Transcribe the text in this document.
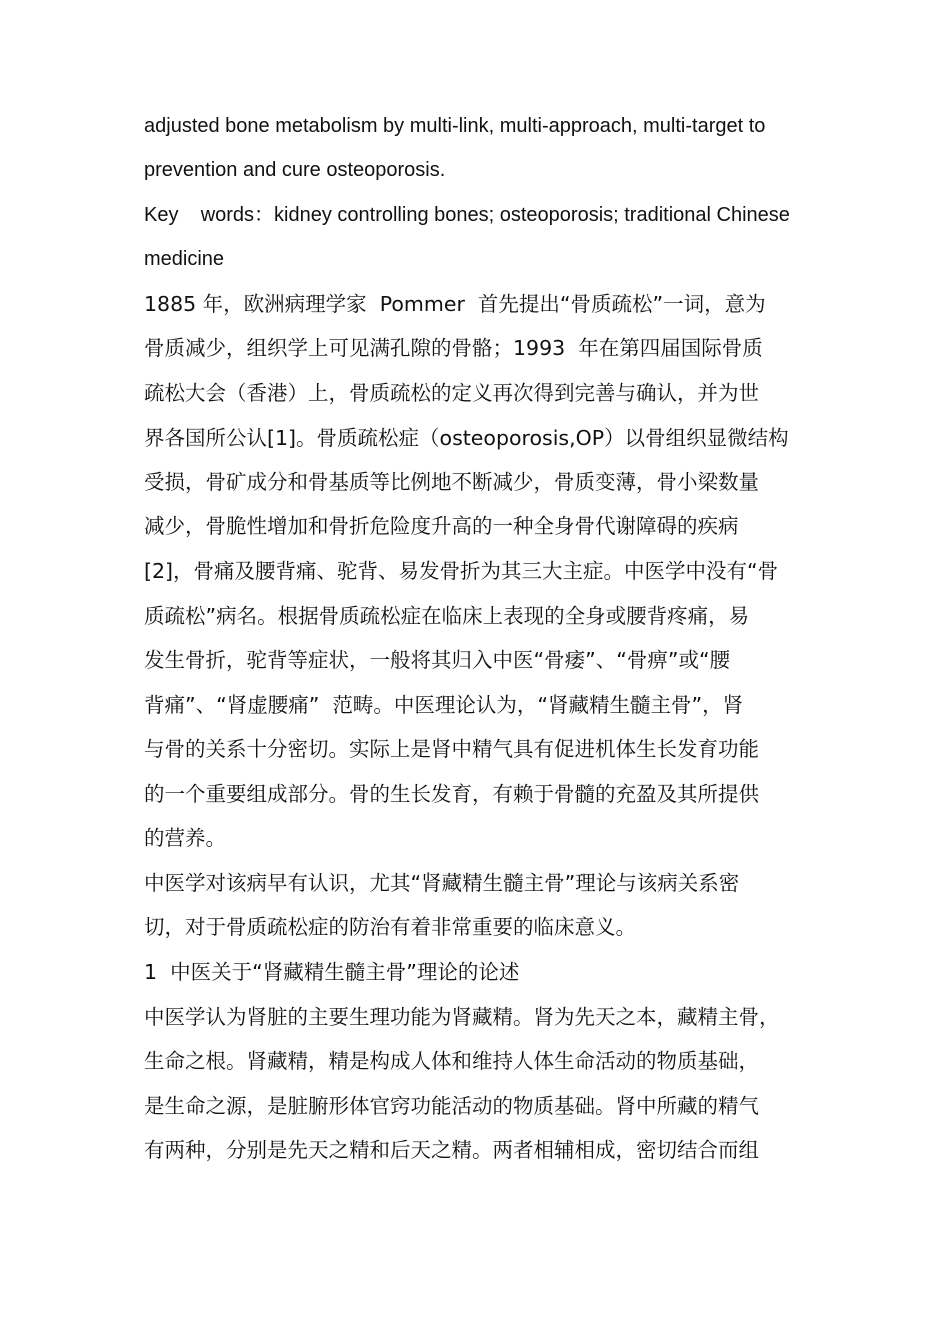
adjusted bone metabolism by multi-link, multi-approach, multi-target to
prevention and cure osteoporosis.
Key    words：kidney controlling bones; osteoporosis; traditional Chinese
medicine
1885 年，欧洲病理学家  Pommer  首先提出“骨质疏松”一词，意为
骨质减少，组织学上可见满孔隙的骨骼；1993  年在第四届国际骨质
疏松大会（香港）上，骨质疏松的定义再次得到完善与确认，并为世
界各国所公认[1]。骨质疏松症（osteoporosis,OP）以骨组织显微结构
受损，骨矿成分和骨基质等比例地不断减少，骨质变薄，骨小梁数量
减少，骨脆性增加和骨折危险度升高的一种全身骨代谢障碍的疾病
[2]，骨痛及腰背痛、驼背、易发骨折为其三大主症。中医学中没有“骨
质疏松”病名。根据骨质疏松症在临床上表现的全身或腰背疼痛，易
发生骨折，驼背等症状，一般将其归入中医“骨痿”、“骨痹”或“腰
背痛”、“肾虚腰痛”  范畴。中医理论认为，“肾藏精生髓主骨”，肾
与骨的关系十分密切。实际上是肾中精气具有促进机体生长发育功能
的一个重要组成部分。骨的生长发育，有赖于骨髓的充盈及其所提供
的营养。
中医学对该病早有认识，尤其“肾藏精生髓主骨”理论与该病关系密
切，对于骨质疏松症的防治有着非常重要的临床意义。
1  中医关于“肾藏精生髓主骨”理论的论述
中医学认为肾脏的主要生理功能为肾藏精。肾为先天之本，藏精主骨，
生命之根。肾藏精，精是构成人体和维持人体生命活动的物质基础，
是生命之源，是脏腑形体官窍功能活动的物质基础。肾中所藏的精气
有两种，分别是先天之精和后天之精。两者相辅相成，密切结合而组
